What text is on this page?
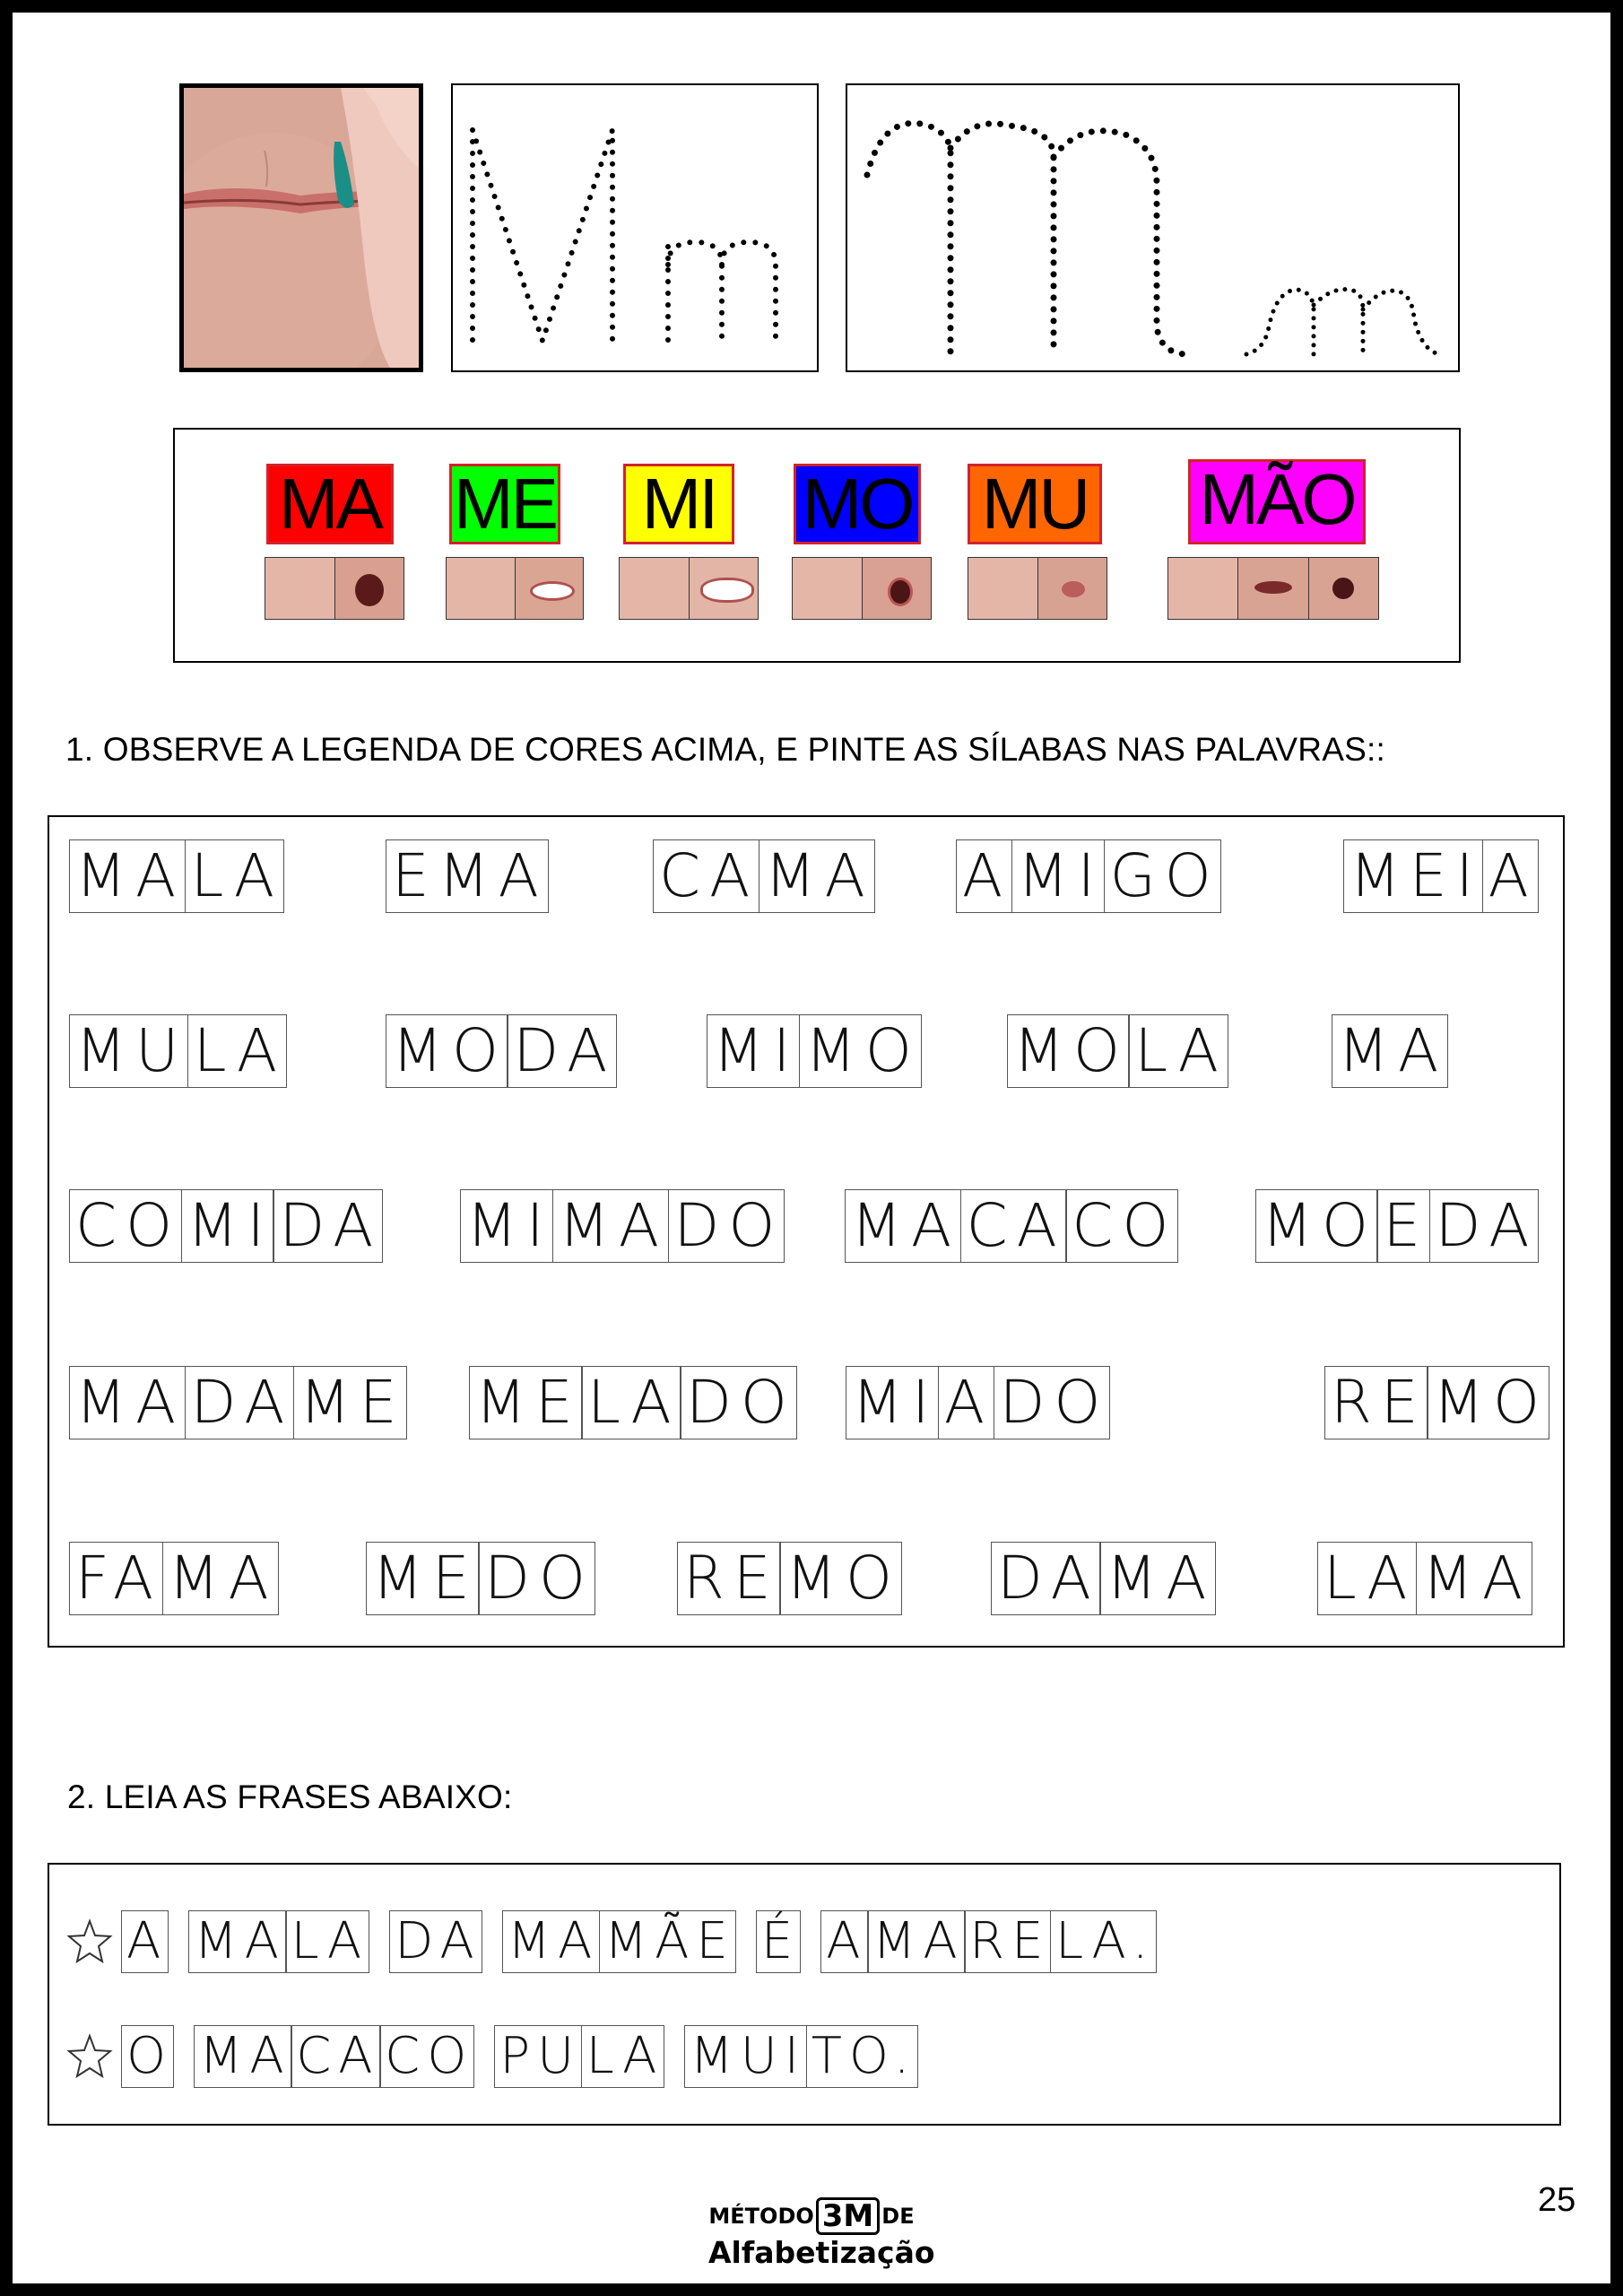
MA ME MI MO MU MÃO
1. OBSERVE A LEGENDA DE CORES ACIMA, E PINTE AS SÍLABAS NAS PALAVRAS::
MA LA EMA CA MA A MI GO MEI A
MU LA MO DA MI MO MO LA MA
CO MI DA MI MA DO MA CA CO MO E DA
MA DA ME ME LA DO MI A DO	RE MO
FA MA ME DO RE MO DA MA LA MA
2. LEIA AS FRASES ABAIXO:
A MA LA DA MA MÃE É A MA RE LA.
O MA CA CO PU LA MUI TO.
25
MÉTODO 3M DE
Alfabetização
